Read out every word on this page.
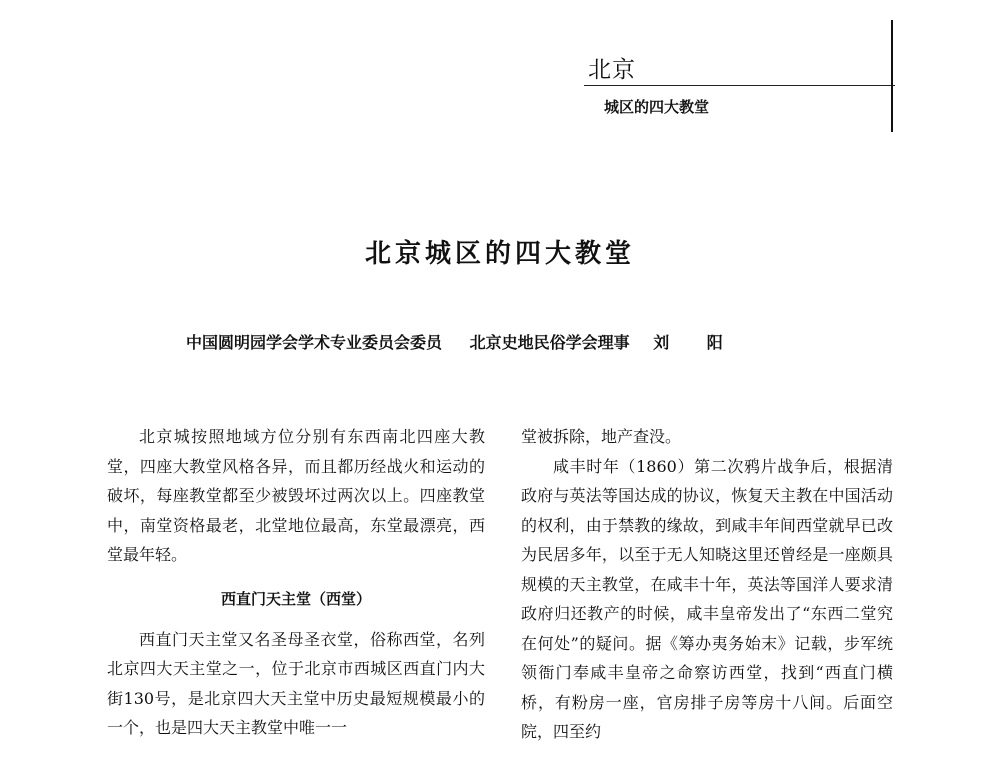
北京
城区的四大教堂
北京城区的四大教堂
中国圆明园学会学术专业委员会委员 北京史地民俗学会理事 刘 阳

北京城按照地域方位分别有东西南北四座大教堂，四座大教堂风格各异，而且都历经战火和运动的破坏，每座教堂都至少被毁坏过两次以上。四座教堂中，南堂资格最老，北堂地位最高，东堂最漂亮，西堂最年轻。

西直门天主堂（西堂）

西直门天主堂又名圣母圣衣堂，俗称西堂，名列北京四大天主堂之一，位于北京市西城区西直门内大街130号，是北京四大天主堂中历史最短规模最小的一个，也是四大天主教堂中唯一一

堂被拆除，地产查没。

咸丰时年（1860）第二次鸦片战争后，根据清政府与英法等国达成的协议，恢复天主教在中国活动的权利，由于禁教的缘故，到咸丰年间西堂就早已改为民居多年，以至于无人知晓这里还曾经是一座颇具规模的天主教堂，在咸丰十年，英法等国洋人要求清政府归还教产的时候，咸丰皇帝发出了“东西二堂究在何处”的疑问。据《筹办夷务始末》记载，步军统领衙门奉咸丰皇帝之命察访西堂，找到“西直门横桥，有粉房一座，官房排子房等房十八间。后面空院，四至约
